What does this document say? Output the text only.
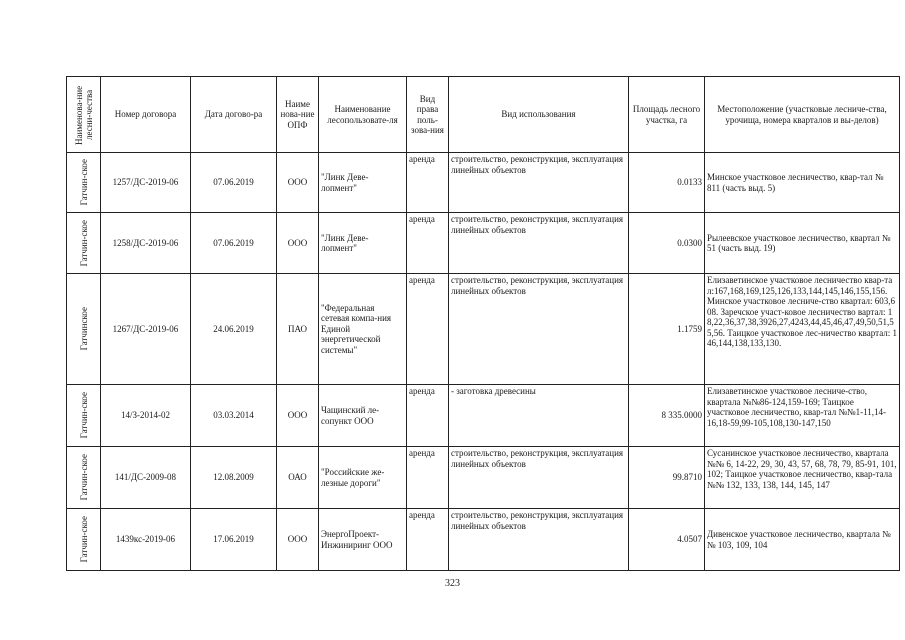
Наименова-ние лесни-чества	Номер договора	Дата догово-ра	Наиме нова-ние ОПФ	Наименование лесопользовате-ля	Вид права поль-зова-ния	Вид использования	Площадь лесного участка, га	Местоположение (участковые лесниче-ства, урочища, номера кварталов и вы-делов)

Гатчин-ское	1257/ДС-2019-06	07.06.2019	ООО	"Линк Деве-лопмент"	аренда	строительство, реконструкция, эксплуатация линейных объектов	0.0133	Минское участковое лесничество, квар-тал № 811 (часть выд. 5)

Гатчин-ское	1258/ДС-2019-06	07.06.2019	ООО	"Линк Деве-лопмент"	аренда	строительство, реконструкция, эксплуатация линейных объектов	0.0300	Рылеевское участковое лесничество, квартал № 51 (часть выд. 19)

Гатчинское	1267/ДС-2019-06	24.06.2019	ПАО	"Федеральная сетевая компа-ния Единой энергетической системы"	аренда	строительство, реконструкция, эксплуатация линейных объектов	1.1759	Елизаветинское участковое лесничество квар-тал:167,168,169,125,126,133,144,145,146,155,156. Минское участковое лесниче-ство квартал: 603,608. Заречское участ-ковое лесничество вартал: 18,22,36,37,38,3926,27,4243,44,45,46,47,49,50,51,55,56. Таицкое участковое лес-ничество квартал: 146,144,138,133,130.

Гатчин-ское	14/З-2014-02	03.03.2014	ООО	Чащинский ле-сопункт ООО	аренда	- заготовка древесины	8 335.0000	Елизаветинское участковое лесниче-ство, квартала №№86-124,159-169; Таицкое участковое лесничество, квар-тал №№1-11,14-16,18-59,99-105,108,130-147,150

Гатчин-ское	141/ДС-2009-08	12.08.2009	ОАО	"Российские же-лезные дороги"	аренда	строительство, реконструкция, эксплуатация линейных объектов	99.8710	Сусанинское участковое лесничество, квартала №№ 6, 14-22, 29, 30, 43, 57, 68, 78, 79, 85-91, 101, 102; Таицкое участковое лесничество, квар-тала №№ 132, 133, 138, 144, 145, 147

Гатчин-ское	1439кс-2019-06	17.06.2019	ООО	ЭнергоПроект-Инжиниринг ООО	аренда	строительство, реконструкция, эксплуатация линейных объектов	4.0507	Дивенское участковое лесничество, квартала №№ 103, 109, 104
323
